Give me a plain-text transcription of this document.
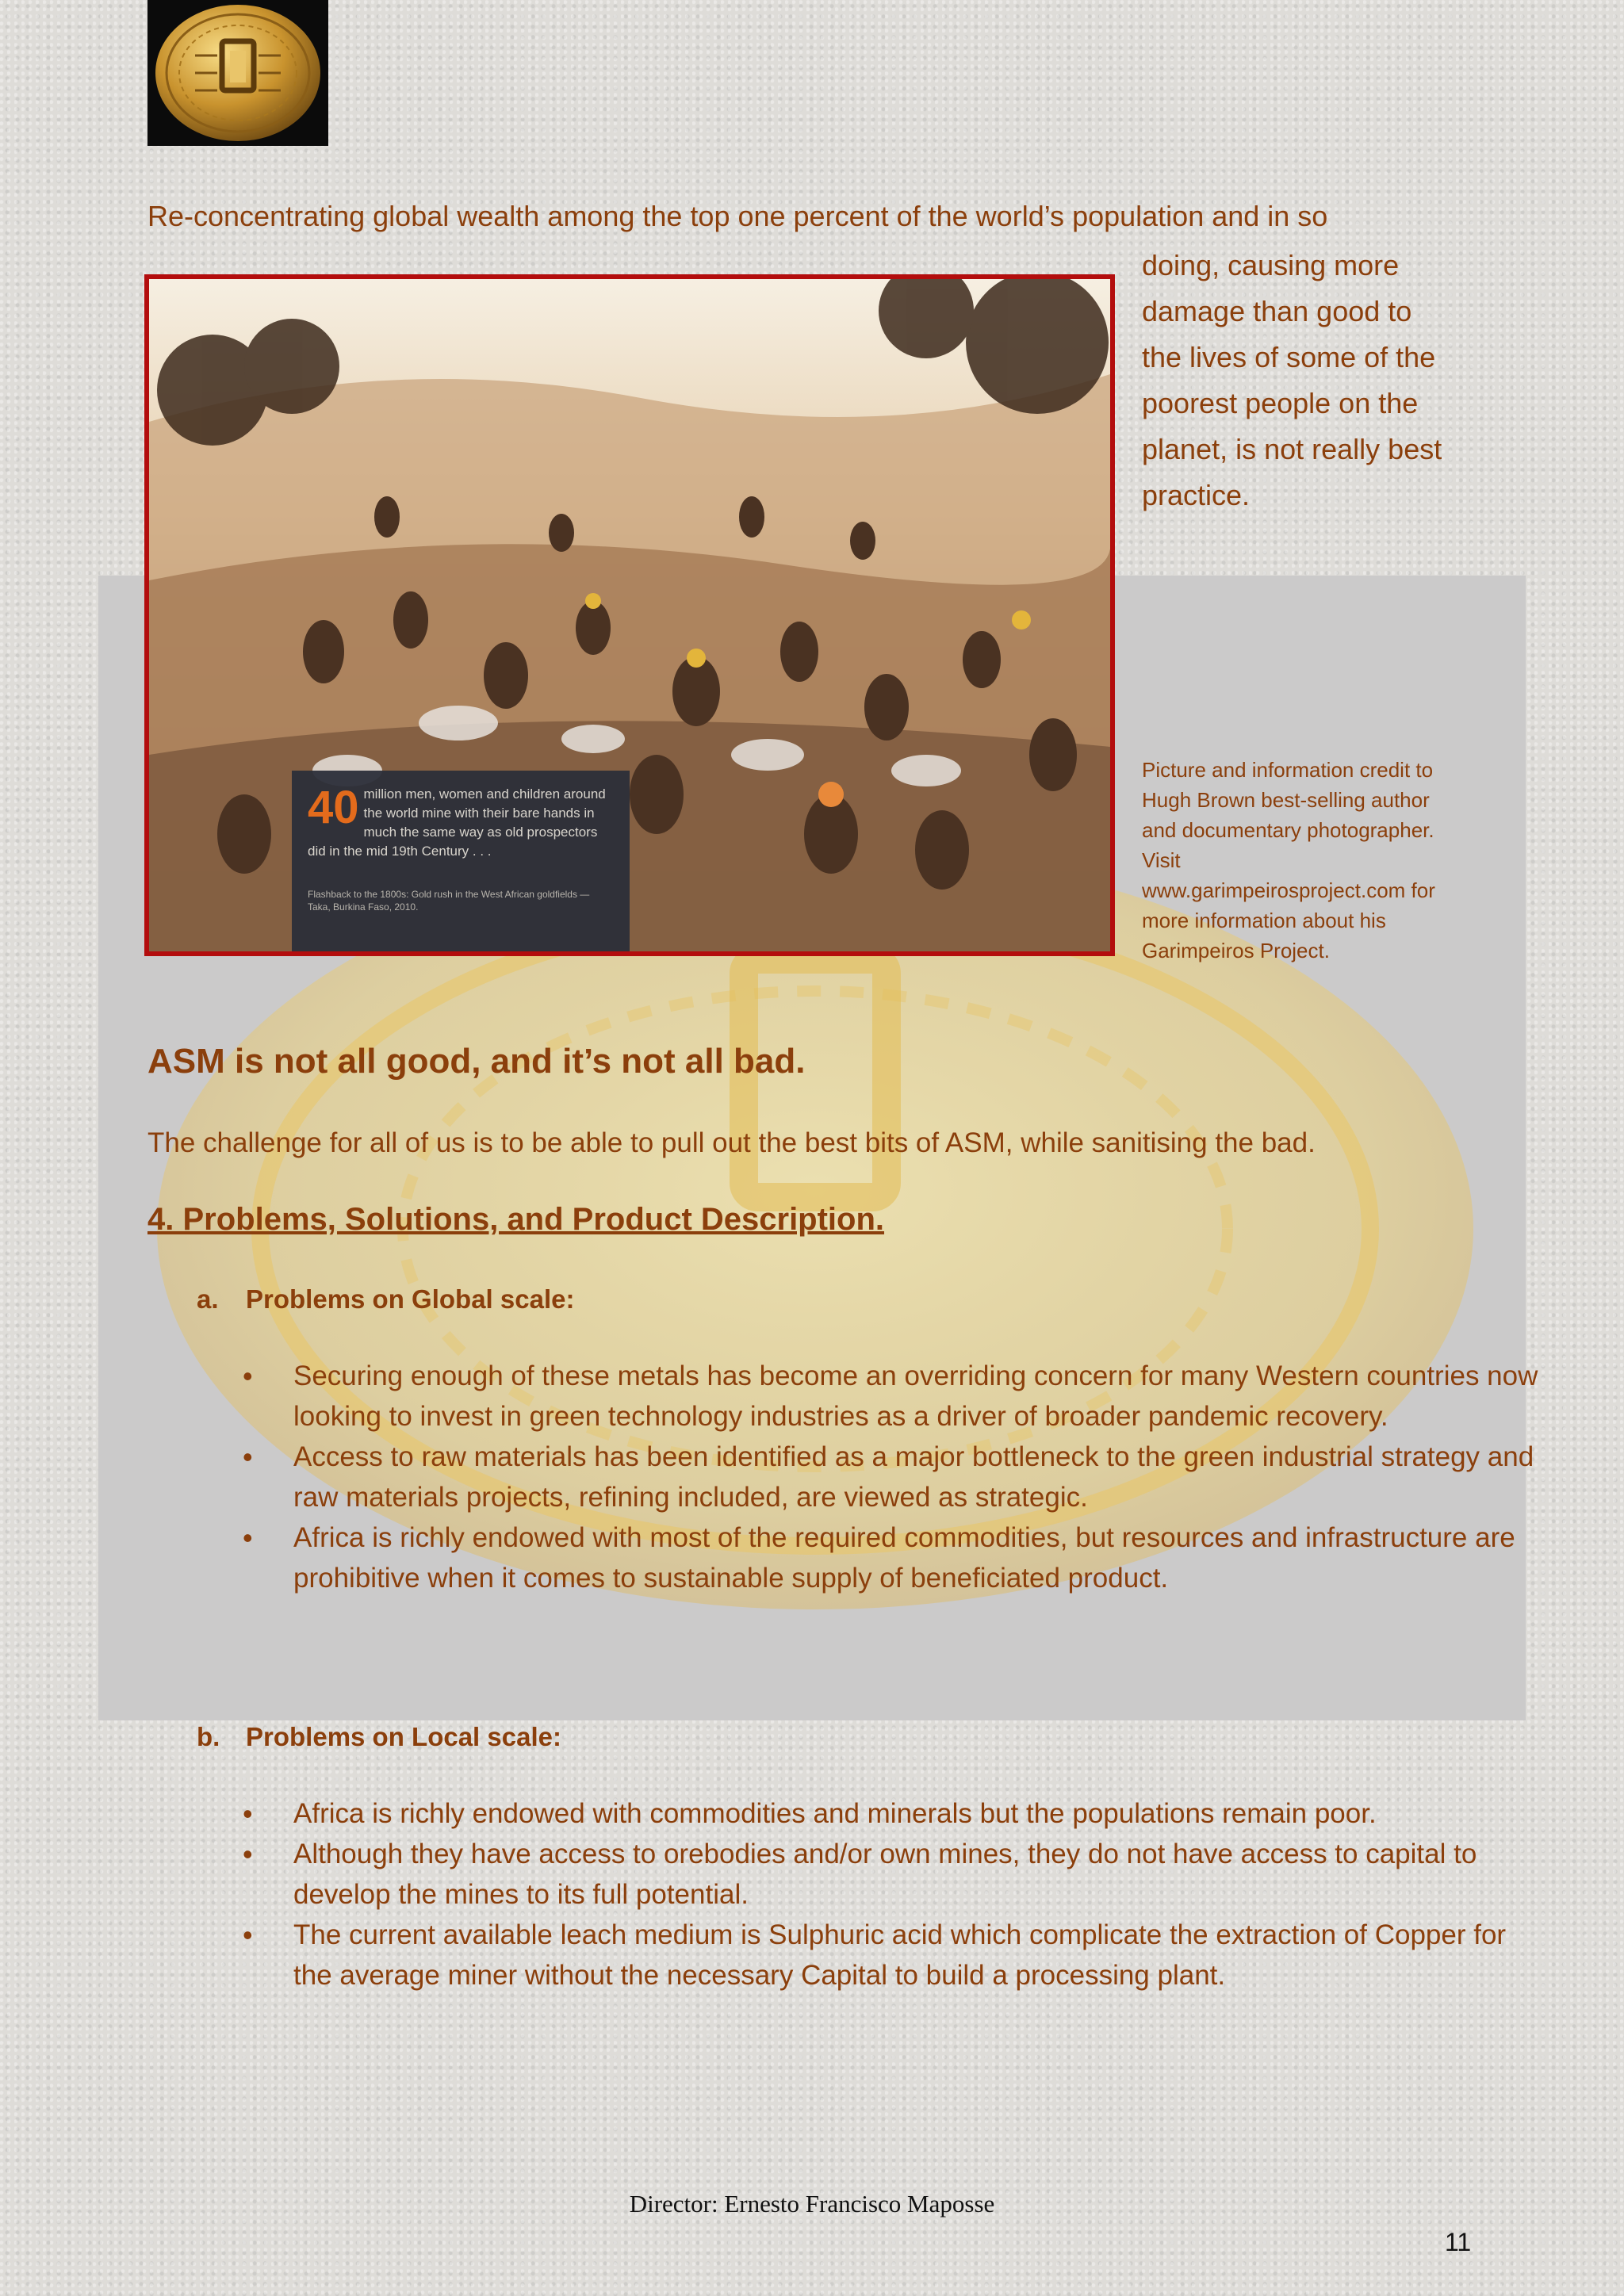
Re-concentrating global wealth among the top one percent of the world’s population and in so
doing, causing more
damage than good to
the lives of some of the
poorest people on the
planet, is not really best
practice.
40 million men, women and children around the world mine with their bare hands in much the same way as old prospectors did in the mid 19th Century . . .
Flashback to the 1800s: Gold rush in the West African goldfields — Taka, Burkina Faso, 2010.
Picture and information credit to
Hugh Brown best-selling author
and documentary photographer.
Visit
www.garimpeirosproject.com for
more information about his
Garimpeiros Project.
ASM is not all good, and it’s not all bad.
The challenge for all of us is to be able to pull out the best bits of ASM, while sanitising the bad.
4. Problems, Solutions, and Product Description.
a. Problems on Global scale:
• Securing enough of these metals has become an overriding concern for many Western countries now looking to invest in green technology industries as a driver of broader pandemic recovery.
• Access to raw materials has been identified as a major bottleneck to the green industrial strategy and raw materials projects, refining included, are viewed as strategic.
• Africa is richly endowed with most of the required commodities, but resources and infrastructure are prohibitive when it comes to sustainable supply of beneficiated product.
b. Problems on Local scale:
• Africa is richly endowed with commodities and minerals but the populations remain poor.
• Although they have access to orebodies and/or own mines, they do not have access to capital to develop the mines to its full potential.
• The current available leach medium is Sulphuric acid which complicate the extraction of Copper for the average miner without the necessary Capital to build a processing plant.
Director: Ernesto Francisco Maposse
11
